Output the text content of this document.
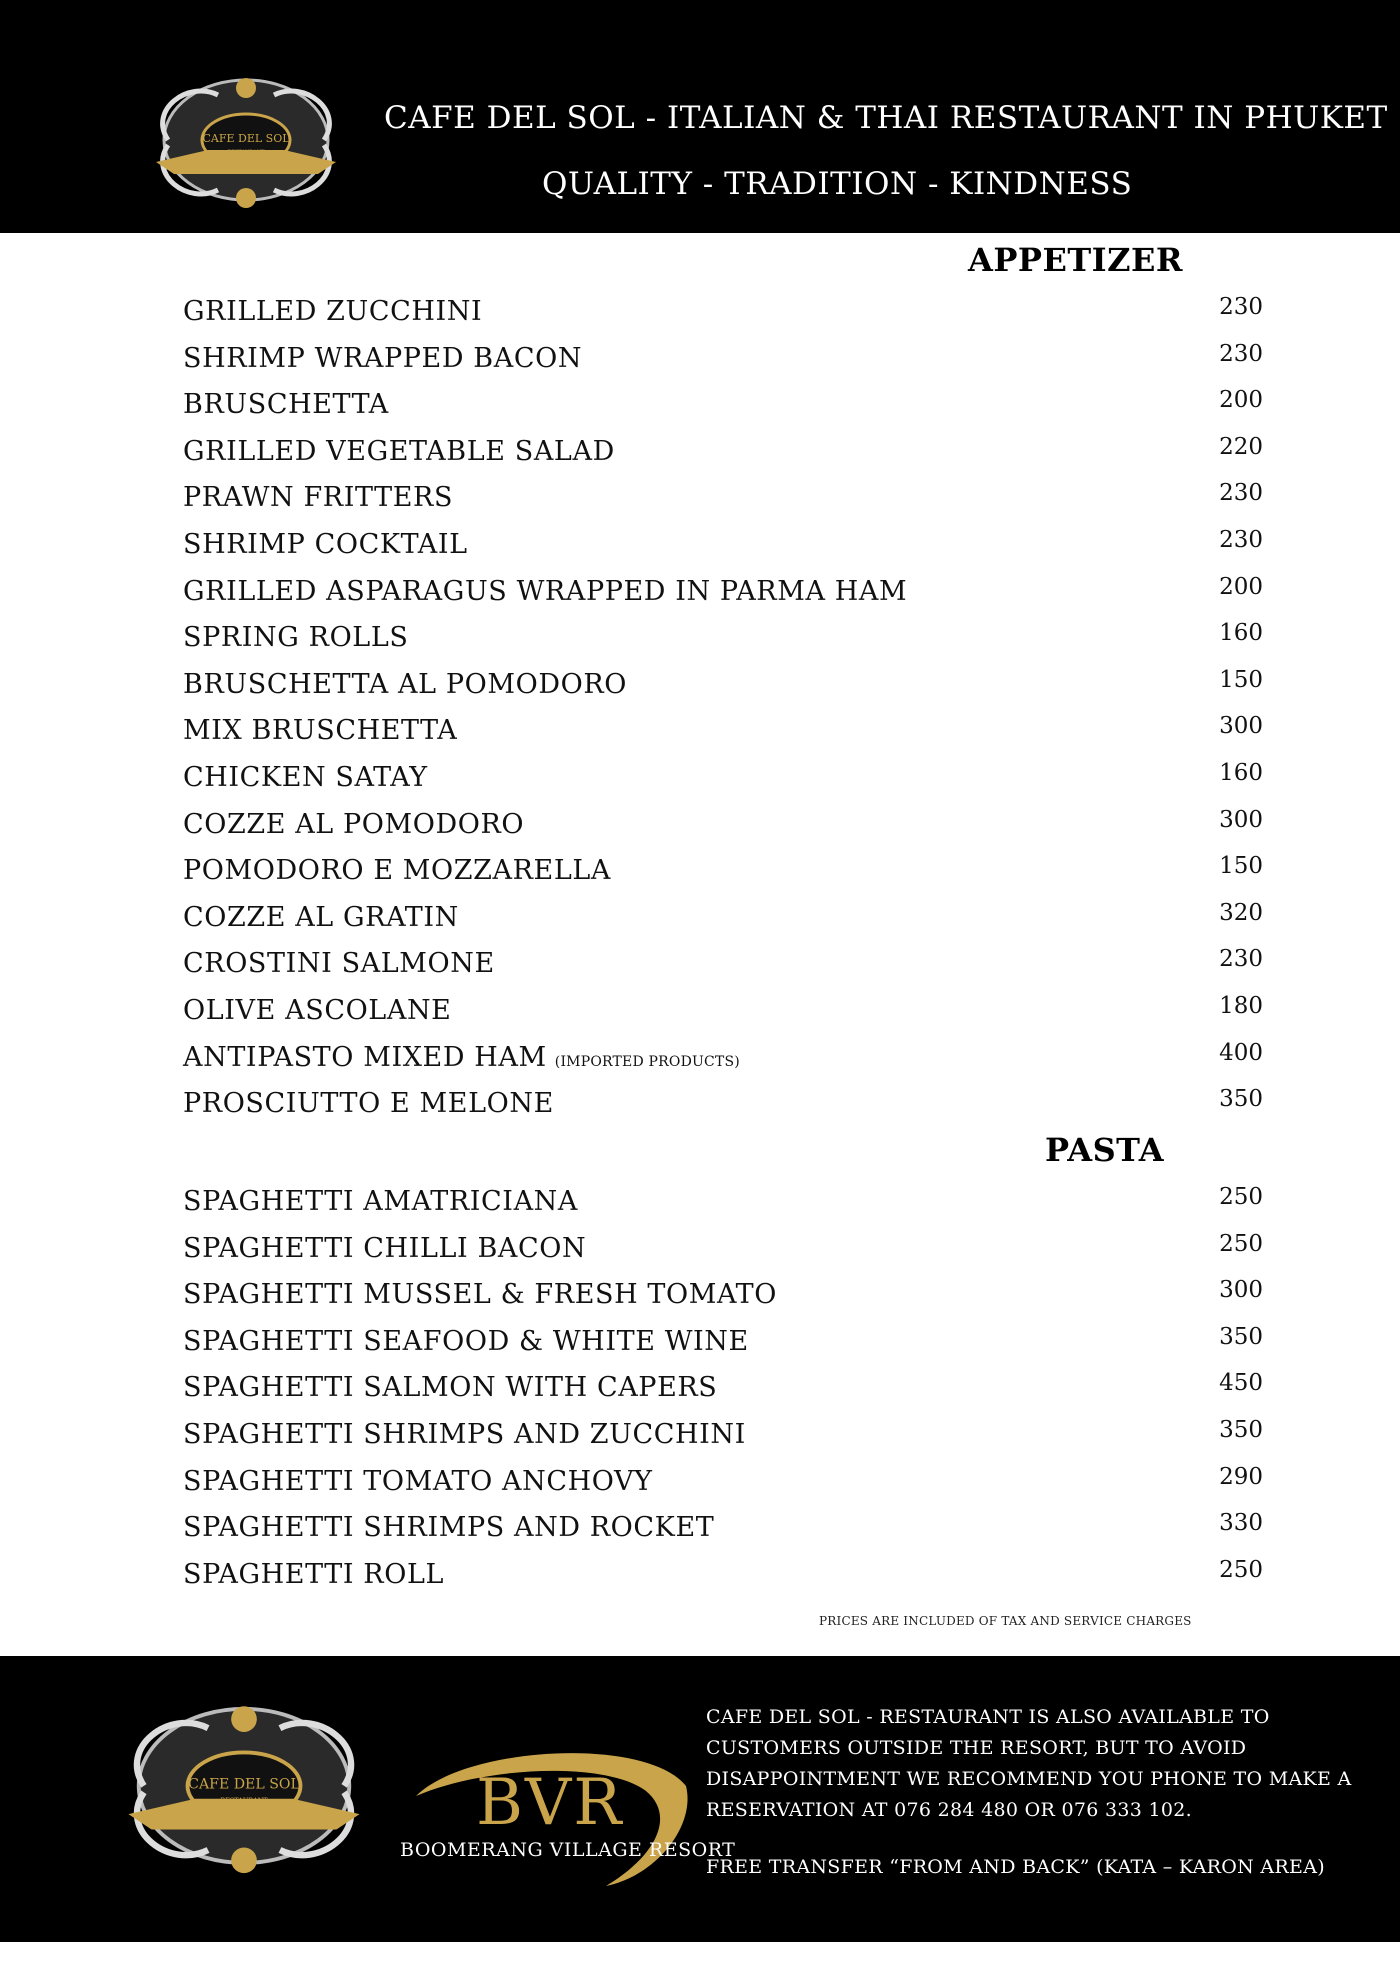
CAFE DEL SOL
RESTAURANT
CAFE DEL SOL - ITALIAN & THAI RESTAURANT IN PHUKET
QUALITY - TRADITION - KINDNESS
APPETIZER
GRILLED ZUCCHINI	230
SHRIMP WRAPPED BACON	230
BRUSCHETTA	200
GRILLED VEGETABLE SALAD	220
PRAWN FRITTERS	230
SHRIMP COCKTAIL	230
GRILLED ASPARAGUS WRAPPED IN PARMA HAM	200
SPRING ROLLS	160
BRUSCHETTA AL POMODORO	150
MIX BRUSCHETTA	300
CHICKEN SATAY	160
COZZE AL POMODORO	300
POMODORO E MOZZARELLA	150
COZZE AL GRATIN	320
CROSTINI SALMONE	230
OLIVE ASCOLANE	180
ANTIPASTO MIXED HAM (IMPORTED PRODUCTS)	400
PROSCIUTTO E MELONE	350
PASTA
SPAGHETTI AMATRICIANA	250
SPAGHETTI CHILLI BACON	250
SPAGHETTI MUSSEL & FRESH TOMATO	300
SPAGHETTI SEAFOOD & WHITE WINE	350
SPAGHETTI SALMON WITH CAPERS	450
SPAGHETTI SHRIMPS AND ZUCCHINI	350
SPAGHETTI TOMATO ANCHOVY	290
SPAGHETTI SHRIMPS AND ROCKET	330
SPAGHETTI ROLL	250
PRICES ARE INCLUDED OF TAX AND SERVICE CHARGES
CAFE DEL SOL
RESTAURANT	BVR
BOOMERANG VILLAGE RESORT
CAFE DEL SOL - RESTAURANT IS ALSO AVAILABLE TO CUSTOMERS OUTSIDE THE RESORT, BUT TO AVOID DISAPPOINTMENT WE RECOMMEND YOU PHONE TO MAKE A RESERVATION AT 076 284 480 OR 076 333 102.
FREE TRANSFER “FROM AND BACK” (KATA – KARON AREA)
